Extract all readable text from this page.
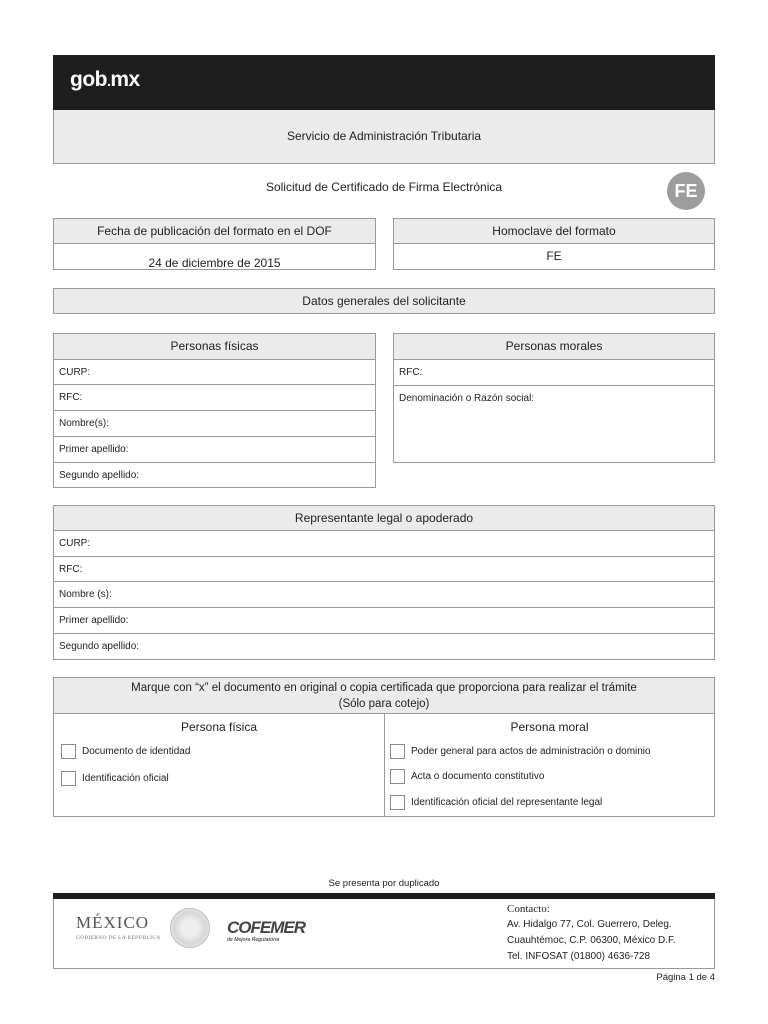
gob.mx
Servicio de Administración Tributaria
Solicitud de Certificado de Firma Electrónica	FE
Fecha de publicación del formato en el DOF
24 de diciembre de 2015
Homoclave del formato
FE
Datos generales del solicitante
Personas físicas
CURP:
RFC:
Nombre(s):
Primer apellido:
Segundo apellido:
Personas morales
RFC:
Denominación o Razón social:
Representante legal o apoderado
CURP:
RFC:
Nombre (s):
Primer apellido:
Segundo apellido:
Marque con “x” el documento en original o copia certificada que proporciona para realizar el trámite
(Sólo para cotejo)
Persona física
Documento de identidad
Identificación oficial
Persona moral
Poder general para actos de administración o dominio
Acta o documento constitutivo
Identificación oficial del representante legal
Se presenta por duplicado
MÉXICO
GOBIERNO DE LA REPÚBLICA
COFEMER
de Mejora Regulatoria
Contacto:
Av. Hidalgo 77, Col. Guerrero, Deleg.
Cuauhtémoc, C.P. 06300, México D.F.
Tel. INFOSAT (01800) 4636-728
Página 1 de 4
